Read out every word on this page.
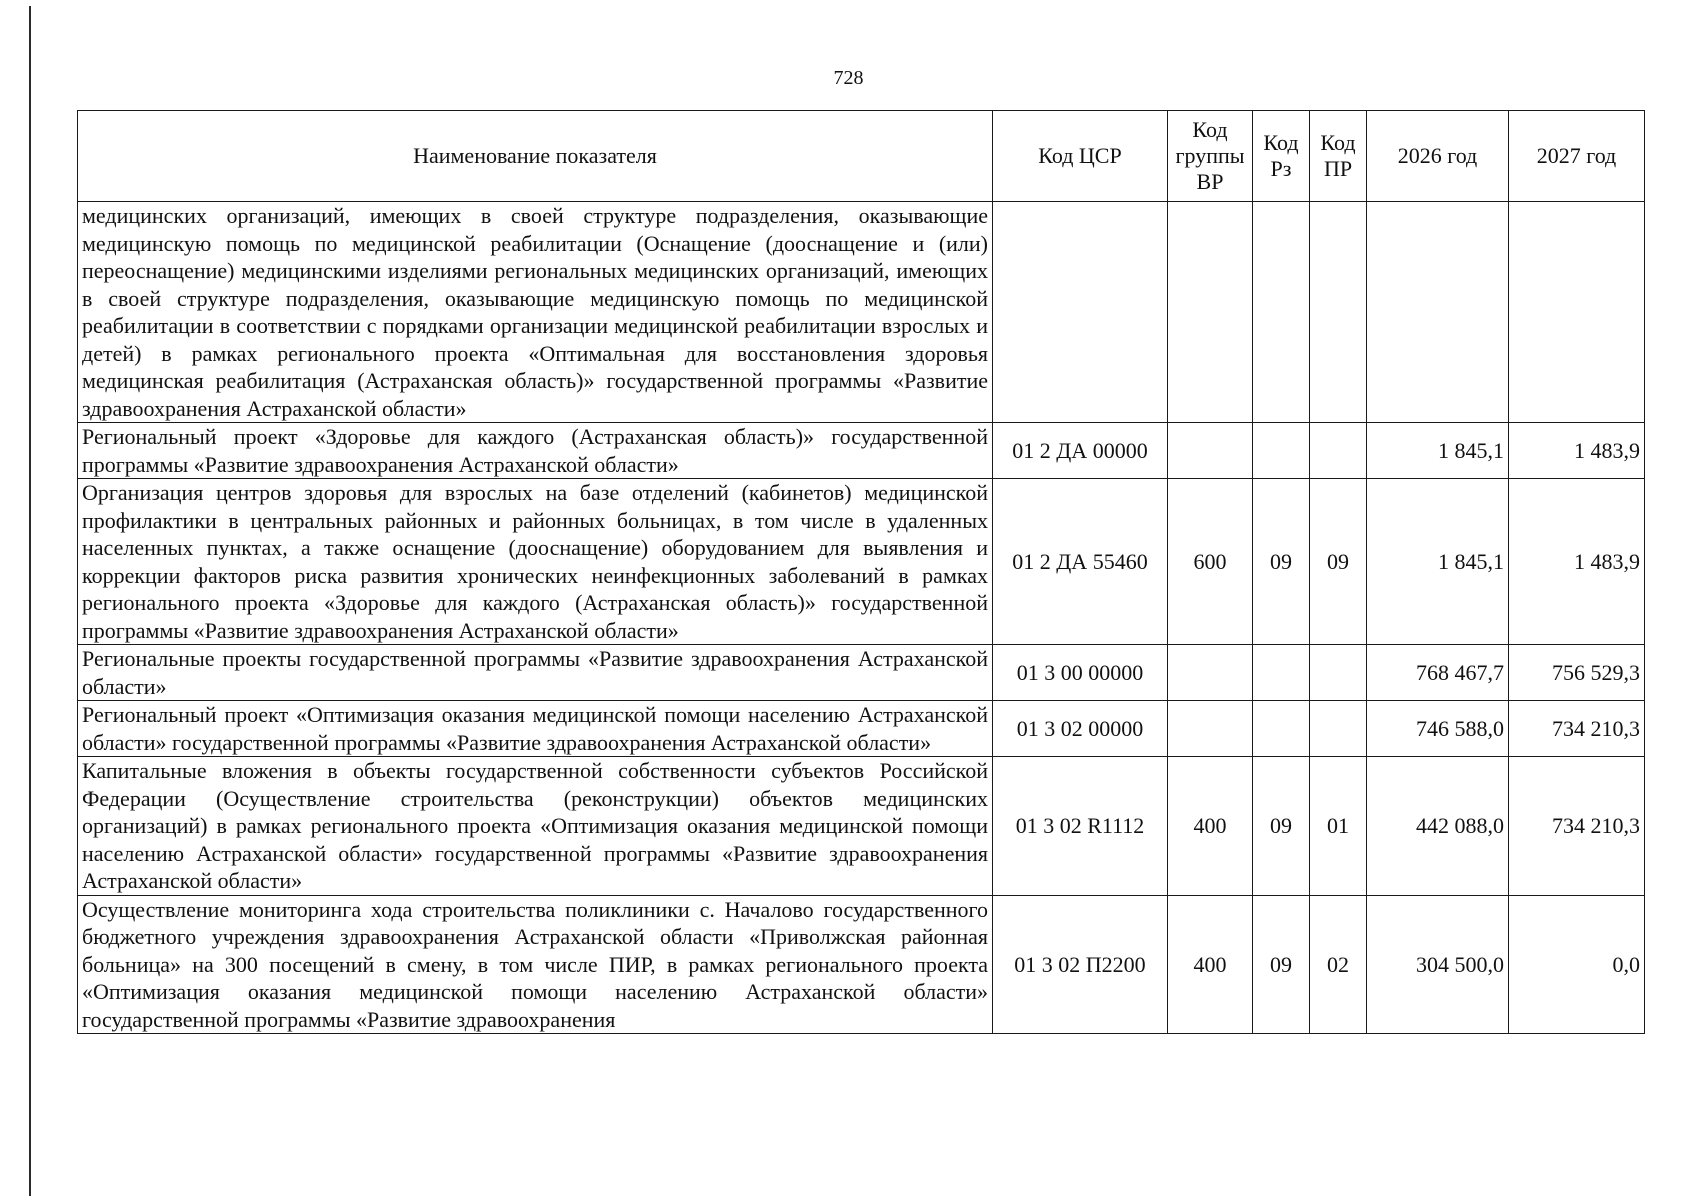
728
Наименование показателя	Код ЦСР	Код группы ВР	Код Рз	Код ПР	2026 год	2027 год
медицинских организаций, имеющих в своей структуре подразделения, оказывающие медицинскую помощь по медицинской реабилитации (Оснащение (дооснащение и (или) переоснащение) медицинскими изделиями региональных медицинских организаций, имеющих в своей структуре подразделения, оказывающие медицинскую помощь по медицинской реабилитации в соответствии с порядками организации медицинской реабилитации взрослых и детей) в рамках регионального проекта «Оптимальная для восстановления здоровья медицинская реабилитация (Астраханская область)» государственной программы «Развитие здравоохранения Астраханской области»						
Региональный проект «Здоровье для каждого (Астраханская область)» государственной программы «Развитие здравоохранения Астраханской области»	01 2 ДА 00000				1 845,1	1 483,9
Организация центров здоровья для взрослых на базе отделений (кабинетов) медицинской профилактики в центральных районных и районных больницах, в том числе в удаленных населенных пунктах, а также оснащение (дооснащение) оборудованием для выявления и коррекции факторов риска развития хронических неинфекционных заболеваний в рамках регионального проекта «Здоровье для каждого (Астраханская область)» государственной программы «Развитие здравоохранения Астраханской области»	01 2 ДА 55460	600	09	09	1 845,1	1 483,9
Региональные проекты государственной программы «Развитие здравоохранения Астраханской области»	01 3 00 00000				768 467,7	756 529,3
Региональный проект «Оптимизация оказания медицинской помощи населению Астраханской области» государственной программы «Развитие здравоохранения Астраханской области»	01 3 02 00000				746 588,0	734 210,3
Капитальные вложения в объекты государственной собственности субъектов Российской Федерации (Осуществление строительства (реконструкции) объектов медицинских организаций) в рамках регионального проекта «Оптимизация оказания медицинской помощи населению Астраханской области» государственной программы «Развитие здравоохранения Астраханской области»	01 3 02 R1112	400	09	01	442 088,0	734 210,3
Осуществление мониторинга хода строительства поликлиники с. Началово государственного бюджетного учреждения здравоохранения Астраханской области «Приволжская районная больница» на 300 посещений в смену, в том числе ПИР, в рамках регионального проекта «Оптимизация оказания медицинской помощи населению Астраханской области» государственной программы «Развитие здравоохранения	01 3 02 П2200	400	09	02	304 500,0	0,0
